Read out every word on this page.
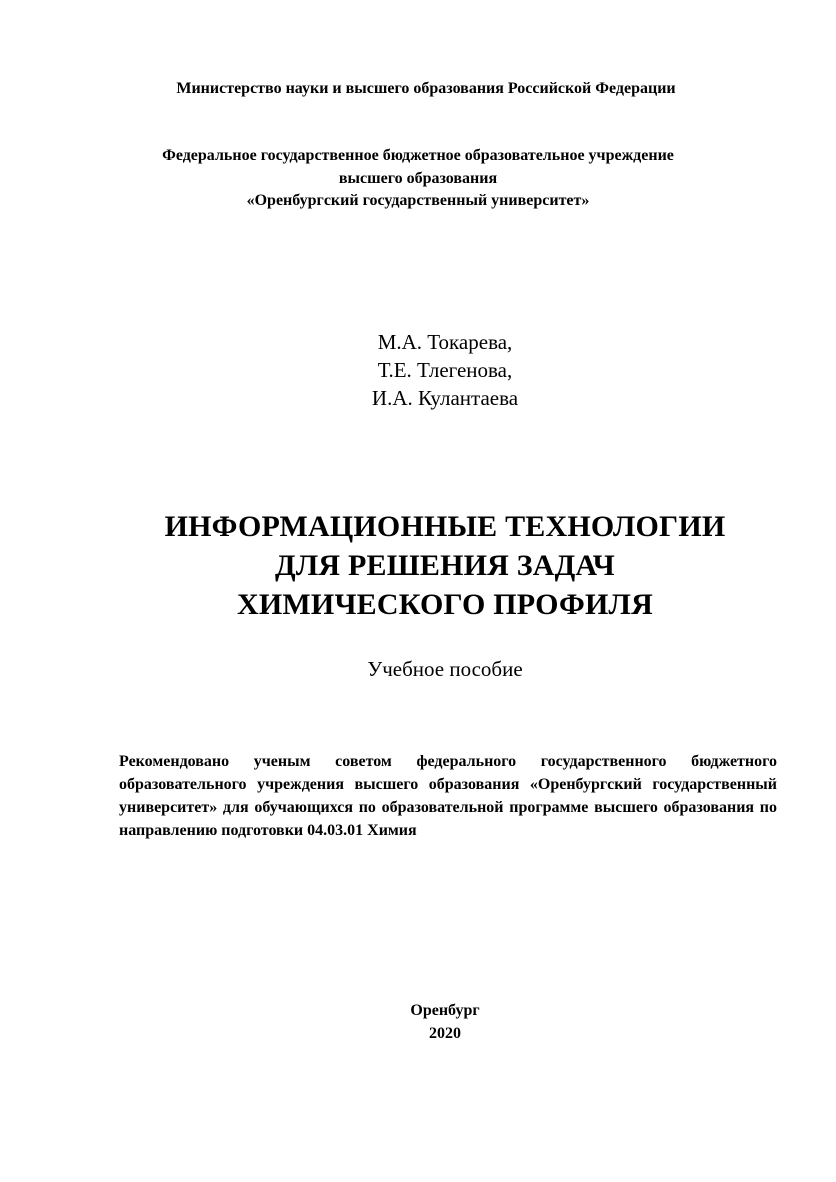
Министерство науки и высшего образования Российской Федерации
Федеральное государственное бюджетное образовательное учреждение
высшего образования
«Оренбургский государственный университет»
М.А. Токарева,
Т.Е. Тлегенова,
И.А. Кулантаева
ИНФОРМАЦИОННЫЕ ТЕХНОЛОГИИ
ДЛЯ РЕШЕНИЯ ЗАДАЧ
ХИМИЧЕСКОГО ПРОФИЛЯ
Учебное пособие
Рекомендовано ученым советом федерального государственного бюджетного образовательного учреждения высшего образования «Оренбургский государственный университет» для обучающихся по образовательной программе высшего образования по направлению подготовки 04.03.01 Химия
Оренбург
2020
